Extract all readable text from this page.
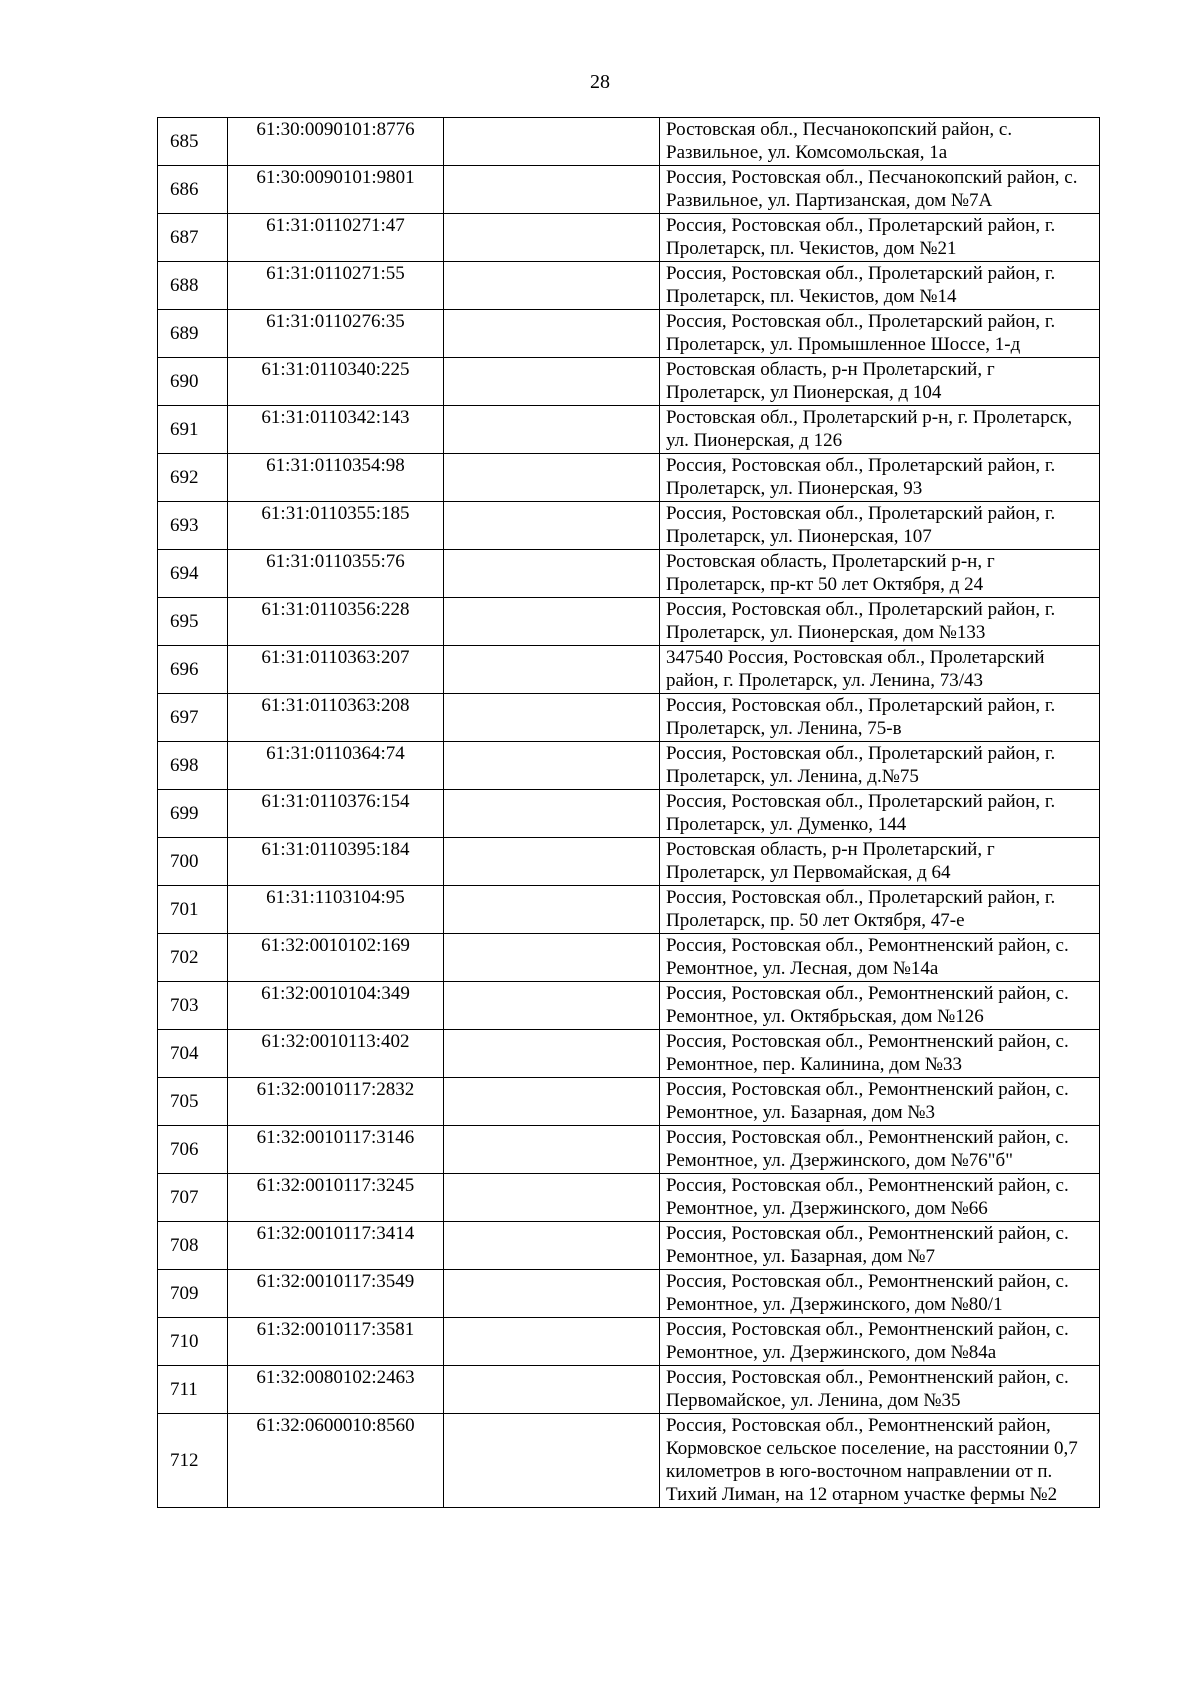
28
685	61:30:0090101:8776		Ростовская обл., Песчанокопский район, с. Развильное, ул. Комсомольская, 1а
686	61:30:0090101:9801		Россия, Ростовская обл., Песчанокопский район, с. Развильное, ул. Партизанская, дом №7А
687	61:31:0110271:47		Россия, Ростовская обл., Пролетарский район, г. Пролетарск, пл. Чекистов, дом №21
688	61:31:0110271:55		Россия, Ростовская обл., Пролетарский район, г. Пролетарск, пл. Чекистов, дом №14
689	61:31:0110276:35		Россия, Ростовская обл., Пролетарский район, г. Пролетарск, ул. Промышленное Шоссе, 1-д
690	61:31:0110340:225		Ростовская область, р-н Пролетарский, г Пролетарск, ул Пионерская, д 104
691	61:31:0110342:143		Ростовская обл., Пролетарский р-н, г. Пролетарск, ул. Пионерская, д 126
692	61:31:0110354:98		Россия, Ростовская обл., Пролетарский район, г. Пролетарск, ул. Пионерская, 93
693	61:31:0110355:185		Россия, Ростовская обл., Пролетарский район, г. Пролетарск, ул. Пионерская, 107
694	61:31:0110355:76		Ростовская область, Пролетарский р-н, г Пролетарск, пр-кт 50 лет Октября, д 24
695	61:31:0110356:228		Россия, Ростовская обл., Пролетарский район, г. Пролетарск, ул. Пионерская, дом №133
696	61:31:0110363:207		347540 Россия, Ростовская обл., Пролетарский район, г. Пролетарск, ул. Ленина, 73/43
697	61:31:0110363:208		Россия, Ростовская обл., Пролетарский район, г. Пролетарск, ул. Ленина, 75-в
698	61:31:0110364:74		Россия, Ростовская обл., Пролетарский район, г. Пролетарск, ул. Ленина, д.№75
699	61:31:0110376:154		Россия, Ростовская обл., Пролетарский район, г. Пролетарск, ул. Думенко, 144
700	61:31:0110395:184		Ростовская область, р-н Пролетарский, г Пролетарск, ул Первомайская, д 64
701	61:31:1103104:95		Россия, Ростовская обл., Пролетарский район, г. Пролетарск, пр. 50 лет Октября, 47-е
702	61:32:0010102:169		Россия, Ростовская обл., Ремонтненский район, с. Ремонтное, ул. Лесная, дом №14а
703	61:32:0010104:349		Россия, Ростовская обл., Ремонтненский район, с. Ремонтное, ул. Октябрьская, дом №126
704	61:32:0010113:402		Россия, Ростовская обл., Ремонтненский район, с. Ремонтное, пер. Калинина, дом №33
705	61:32:0010117:2832		Россия, Ростовская обл., Ремонтненский район, с. Ремонтное, ул. Базарная, дом №3
706	61:32:0010117:3146		Россия, Ростовская обл., Ремонтненский район, с. Ремонтное, ул. Дзержинского, дом №76"б"
707	61:32:0010117:3245		Россия, Ростовская обл., Ремонтненский район, с. Ремонтное, ул. Дзержинского, дом №66
708	61:32:0010117:3414		Россия, Ростовская обл., Ремонтненский район, с. Ремонтное, ул. Базарная, дом №7
709	61:32:0010117:3549		Россия, Ростовская обл., Ремонтненский район, с. Ремонтное, ул. Дзержинского, дом №80/1
710	61:32:0010117:3581		Россия, Ростовская обл., Ремонтненский район, с. Ремонтное, ул. Дзержинского, дом №84а
711	61:32:0080102:2463		Россия, Ростовская обл., Ремонтненский район, с. Первомайское, ул. Ленина, дом №35
712	61:32:0600010:8560		Россия, Ростовская обл., Ремонтненский район, Кормовское сельское поселение, на расстоянии 0,7 километров в юго-восточном направлении от п. Тихий Лиман, на 12 отарном участке фермы №2
